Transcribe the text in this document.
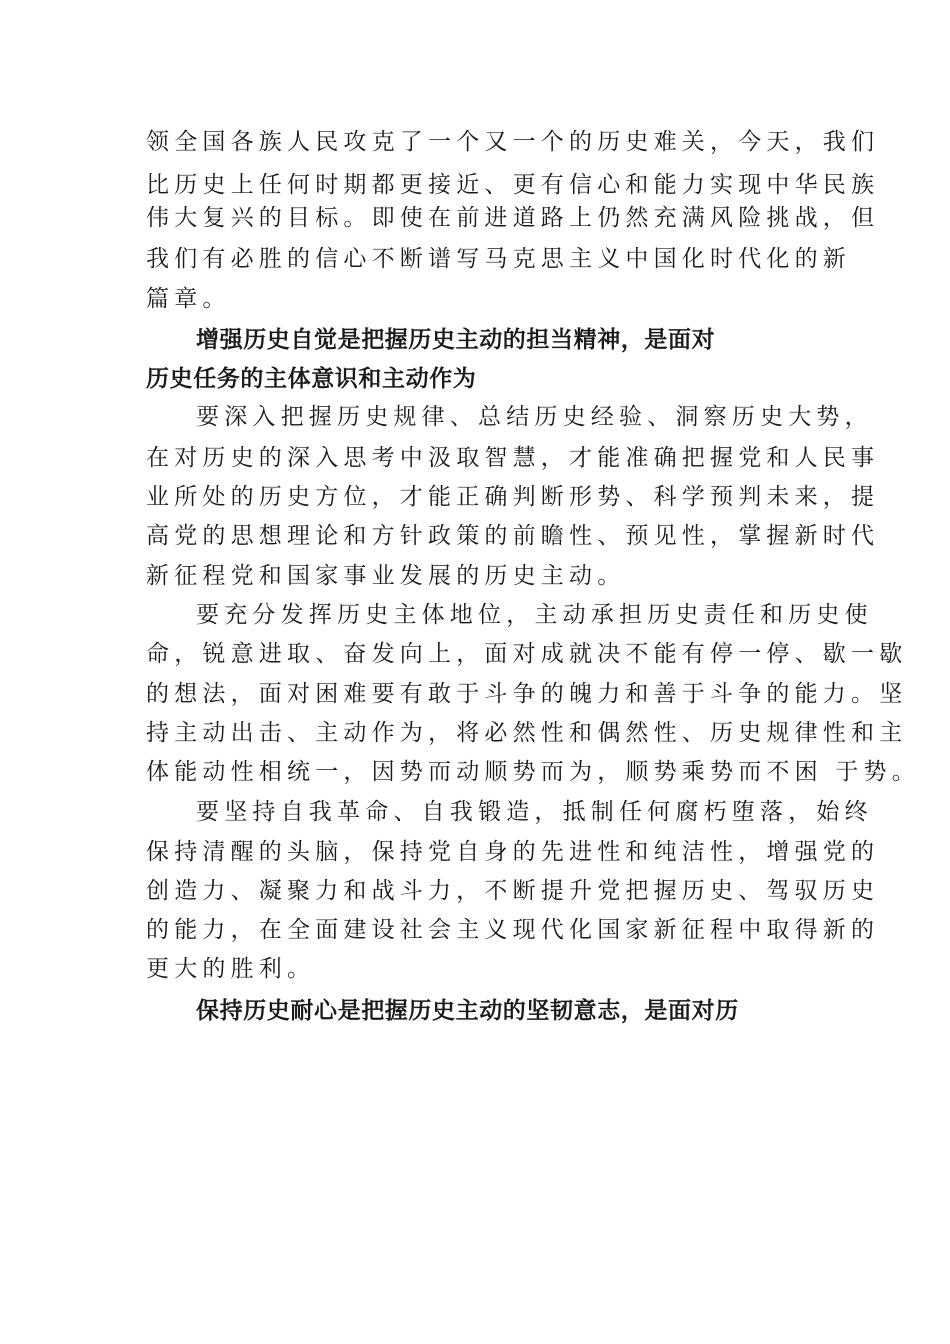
领全国各族人民攻克了一个又一个的历史难关，今天，我们
比历史上任何时期都更接近、更有信心和能力实现中华民族
伟大复兴的目标。即使在前进道路上仍然充满风险挑战，但
我们有必胜的信心不断谱写马克思主义中国化时代化的新
篇章。
增强历史自觉是把握历史主动的担当精神，是面对
历史任务的主体意识和主动作为
要深入把握历史规律、总结历史经验、洞察历史大势，
在对历史的深入思考中汲取智慧，才能准确把握党和人民事
业所处的历史方位，才能正确判断形势、科学预判未来，提
高党的思想理论和方针政策的前瞻性、预见性，掌握新时代
新征程党和国家事业发展的历史主动。
要充分发挥历史主体地位，主动承担历史责任和历史使
命，锐意进取、奋发向上，面对成就决不能有停一停、歇一歇
的想法，面对困难要有敢于斗争的魄力和善于斗争的能力。坚
持主动出击、主动作为，将必然性和偶然性、历史规律性和主
体能动性相统一，因势而动顺势而为，顺势乘势而不困 于势。
要坚持自我革命、自我锻造，抵制任何腐朽堕落，始终
保持清醒的头脑，保持党自身的先进性和纯洁性，增强党的
创造力、凝聚力和战斗力，不断提升党把握历史、驾驭历史
的能力，在全面建设社会主义现代化国家新征程中取得新的
更大的胜利。
保持历史耐心是把握历史主动的坚韧意志，是面对历
